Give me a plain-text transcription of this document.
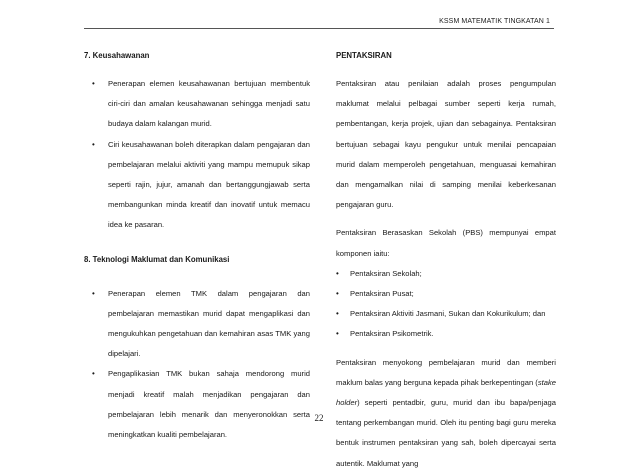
KSSM MATEMATIK TINGKATAN 1
7. Keusahawanan
• Penerapan elemen keusahawanan bertujuan membentuk ciri-ciri dan amalan keusahawanan sehingga menjadi satu budaya dalam kalangan murid.
• Ciri keusahawanan boleh diterapkan dalam pengajaran dan pembelajaran melalui aktiviti yang mampu memupuk sikap seperti rajin, jujur, amanah dan bertanggungjawab serta membangunkan minda kreatif dan inovatif untuk memacu idea ke pasaran.
8. Teknologi Maklumat dan Komunikasi
• Penerapan elemen TMK dalam pengajaran dan pembelajaran memastikan murid dapat mengaplikasi dan mengukuhkan pengetahuan dan kemahiran asas TMK yang dipelajari.
• Pengaplikasian TMK bukan sahaja mendorong murid menjadi kreatif malah menjadikan pengajaran dan pembelajaran lebih menarik dan menyeronokkan serta meningkatkan kualiti pembelajaran.
PENTAKSIRAN

Pentaksiran atau penilaian adalah proses pengumpulan maklumat melalui pelbagai sumber seperti kerja rumah, pembentangan, kerja projek, ujian dan sebagainya. Pentaksiran bertujuan sebagai kayu pengukur untuk menilai pencapaian murid dalam memperoleh pengetahuan, menguasai kemahiran dan mengamalkan nilai di samping menilai keberkesanan pengajaran guru.

Pentaksiran Berasaskan Sekolah (PBS) mempunyai empat komponen iaitu:

• Pentaksiran Sekolah;
• Pentaksiran Pusat;
• Pentaksiran Aktiviti Jasmani, Sukan dan Kokurikulum; dan
• Pentaksiran Psikometrik.

Pentaksiran menyokong pembelajaran murid dan memberi maklum balas yang berguna kepada pihak berkepentingan (stake holder) seperti pentadbir, guru, murid dan ibu bapa/penjaga tentang perkembangan murid. Oleh itu penting bagi guru mereka bentuk instrumen pentaksiran yang sah, boleh dipercayai serta autentik. Maklumat yang

22
